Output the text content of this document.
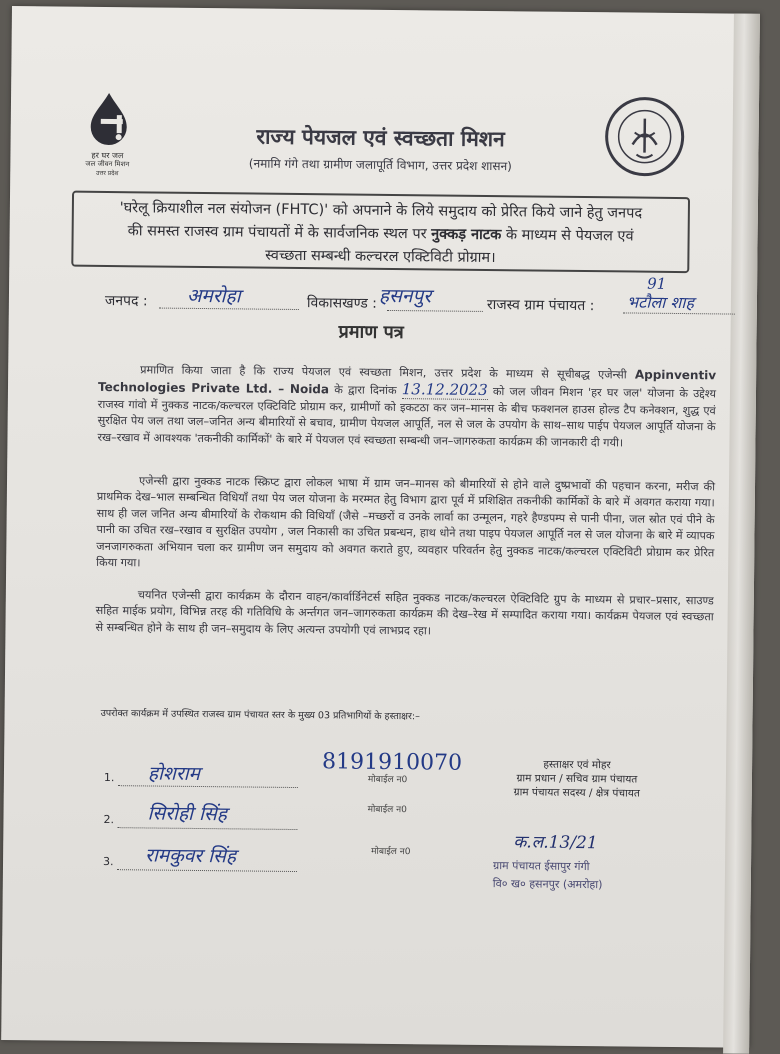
हर घर जल
जल जीवन मिशन
उत्तर प्रदेश
राज्य पेयजल एवं स्वच्छता मिशन
(नमामि गंगे तथा ग्रामीण जलापूर्ति विभाग, उत्तर प्रदेश शासन)
'घरेलू क्रियाशील नल संयोजन (FHTC)' को अपनाने के लिये समुदाय को प्रेरित किये जाने हेतु जनपद
की समस्त राजस्व ग्राम पंचायतों में के सार्वजनिक स्थल पर नुक्कड़ नाटक के माध्यम से पेयजल एवं
स्वच्छता सम्बन्धी कल्चरल एक्टिविटी प्रोग्राम।
जनपद : अमरोहा	विकासखण्ड : हसनपुर	राजस्व ग्राम पंचायत :
91
भटौला शाह
प्रमाण पत्र
प्रमाणित किया जाता है कि राज्य पेयजल एवं स्वच्छता मिशन, उत्तर प्रदेश के माध्यम से सूचीबद्ध एजेन्सी Appinventiv Technologies Private Ltd. – Noida के द्वारा दिनांक 13.12.2023 को जल जीवन मिशन 'हर घर जल' योजना के उद्देश्य राजस्व गांवो में नुक्कड नाटक/कल्चरल एक्टिविटि प्रोग्राम कर, ग्रामीणों को इकटठा कर जन–मानस के बीच फक्शनल हाउस होल्ड टैप कनेक्शन, शुद्ध एवं सुरक्षित पेय जल तथा जल–जनित अन्य बीमारियों से बचाव, ग्रामीण पेयजल आपूर्ति, नल से जल के उपयोग के साथ–साथ पाईप पेयजल आपूर्ति योजना के रख–रखाव में आवश्यक 'तकनीकी कार्मिकों' के बारे में पेयजल एवं स्वच्छता सम्बन्धी जन–जागरुकता कार्यक्रम की जानकारी दी गयी।
एजेन्सी द्वारा नुक्कड नाटक स्क्रिप्ट द्वारा लोकल भाषा में ग्राम जन–मानस को बीमारियों से होने वाले दुष्प्रभावों की पहचान करना, मरीज की प्राथमिक देख–भाल सम्बन्धित विधियाँ तथा पेय जल योजना के मरम्मत हेतु विभाग द्वारा पूर्व में प्रशिक्षित तकनीकी कार्मिकों के बारे में अवगत कराया गया। साथ ही जल जनित अन्य बीमारियों के रोकथाम की विधियाँ (जैसे –मच्छरों व उनके लार्वा का उन्मूलन, गहरे हैण्डपम्प से पानी पीना, जल स्रोत एवं पीने के पानी का उचित रख–रखाव व सुरक्षित उपयोग , जल निकासी का उचित प्रबन्धन, हाथ धोने तथा पाइप पेयजल आपूर्ति नल से जल योजना के बारे में व्यापक जनजागरुकता अभियान चला कर ग्रामीण जन समुदाय को अवगत कराते हुए, व्यवहार परिवर्तन हेतु नुक्कड नाटक/कल्चरल एक्टिविटी प्रोग्राम कर प्रेरित किया गया।
चयनित एजेन्सी द्वारा कार्यक्रम के दौरान वाहन/कार्वार्डिनेटर्स सहित नुक्कड नाटक/कल्चरल ऐक्टिविटि ग्रुप के माध्यम से प्रचार–प्रसार, साउण्ड सहित माईक प्रयोग, विभिन्न तरह की गतिविधि के अर्न्तगत जन–जागरुकता कार्यक्रम की देख–रेख में सम्पादित कराया गया। कार्यक्रम पेयजल एवं स्वच्छता से सम्बन्धित होने के साथ ही जन–समुदाय के लिए अत्यन्त उपयोगी एवं लाभप्रद रहा।
उपरोक्त कार्यक्रम में उपस्थित राजस्व ग्राम पंचायत स्तर के मुख्य 03 प्रतिभागियों के हस्ताक्षर:–
1. होशराम	मोबाईल न0
8191910070
2. सिरोही सिंह	मोबाईल न0
3. रामकुवर सिंह	मोबाईल न0
हस्ताक्षर एवं मोहर
ग्राम प्रधान / सचिव ग्राम पंचायत
ग्राम पंचायत सदस्य / क्षेत्र पंचायत
क.ल.13/21
ग्राम पंचायत ईसापुर गंगी
वि० ख० हसनपुर (अमरोहा)
